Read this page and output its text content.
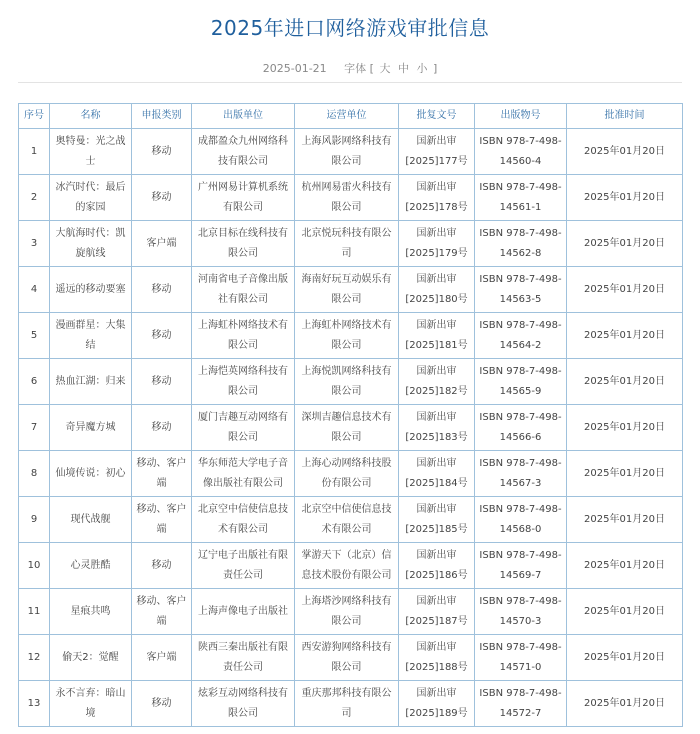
2025年进口网络游戏审批信息
2025-01-21 字体 [ 大 中 小 ]
序号	名称	申报类别	出版单位	运营单位	批复文号	出版物号	批准时间
1	奥特曼：光之战士	移动	成都盈众九州网络科技有限公司	上海风影网络科技有限公司	国新出审[2025]177号	ISBN 978-7-498-14560-4	2025年01月20日
2	冰汽时代：最后的家园	移动	广州网易计算机系统有限公司	杭州网易雷火科技有限公司	国新出审[2025]178号	ISBN 978-7-498-14561-1	2025年01月20日
3	大航海时代：凯旋航线	客户端	北京目标在线科技有限公司	北京悦玩科技有限公司	国新出审[2025]179号	ISBN 978-7-498-14562-8	2025年01月20日
4	遥远的移动要塞	移动	河南省电子音像出版社有限公司	海南好玩互动娱乐有限公司	国新出审[2025]180号	ISBN 978-7-498-14563-5	2025年01月20日
5	漫画群星：大集结	移动	上海虹朴网络技术有限公司	上海虹朴网络技术有限公司	国新出审[2025]181号	ISBN 978-7-498-14564-2	2025年01月20日
6	热血江湖：归来	移动	上海恺英网络科技有限公司	上海悦凯网络科技有限公司	国新出审[2025]182号	ISBN 978-7-498-14565-9	2025年01月20日
7	奇异魔方城	移动	厦门吉趣互动网络有限公司	深圳吉趣信息技术有限公司	国新出审[2025]183号	ISBN 978-7-498-14566-6	2025年01月20日
8	仙境传说：初心	移动、客户端	华东师范大学电子音像出版社有限公司	上海心动网络科技股份有限公司	国新出审[2025]184号	ISBN 978-7-498-14567-3	2025年01月20日
9	现代战舰	移动、客户端	北京空中信使信息技术有限公司	北京空中信使信息技术有限公司	国新出审[2025]185号	ISBN 978-7-498-14568-0	2025年01月20日
10	心灵胜酷	移动	辽宁电子出版社有限责任公司	掌游天下（北京）信息技术股份有限公司	国新出审[2025]186号	ISBN 978-7-498-14569-7	2025年01月20日
11	星痕共鸣	移动、客户端	上海声像电子出版社	上海塔沙网络科技有限公司	国新出审[2025]187号	ISBN 978-7-498-14570-3	2025年01月20日
12	偷天2：觉醒	客户端	陕西三秦出版社有限责任公司	西安游狗网络科技有限公司	国新出审[2025]188号	ISBN 978-7-498-14571-0	2025年01月20日
13	永不言弃：暗山境	移动	炫彩互动网络科技有限公司	重庆那邦科技有限公司	国新出审[2025]189号	ISBN 978-7-498-14572-7	2025年01月20日
